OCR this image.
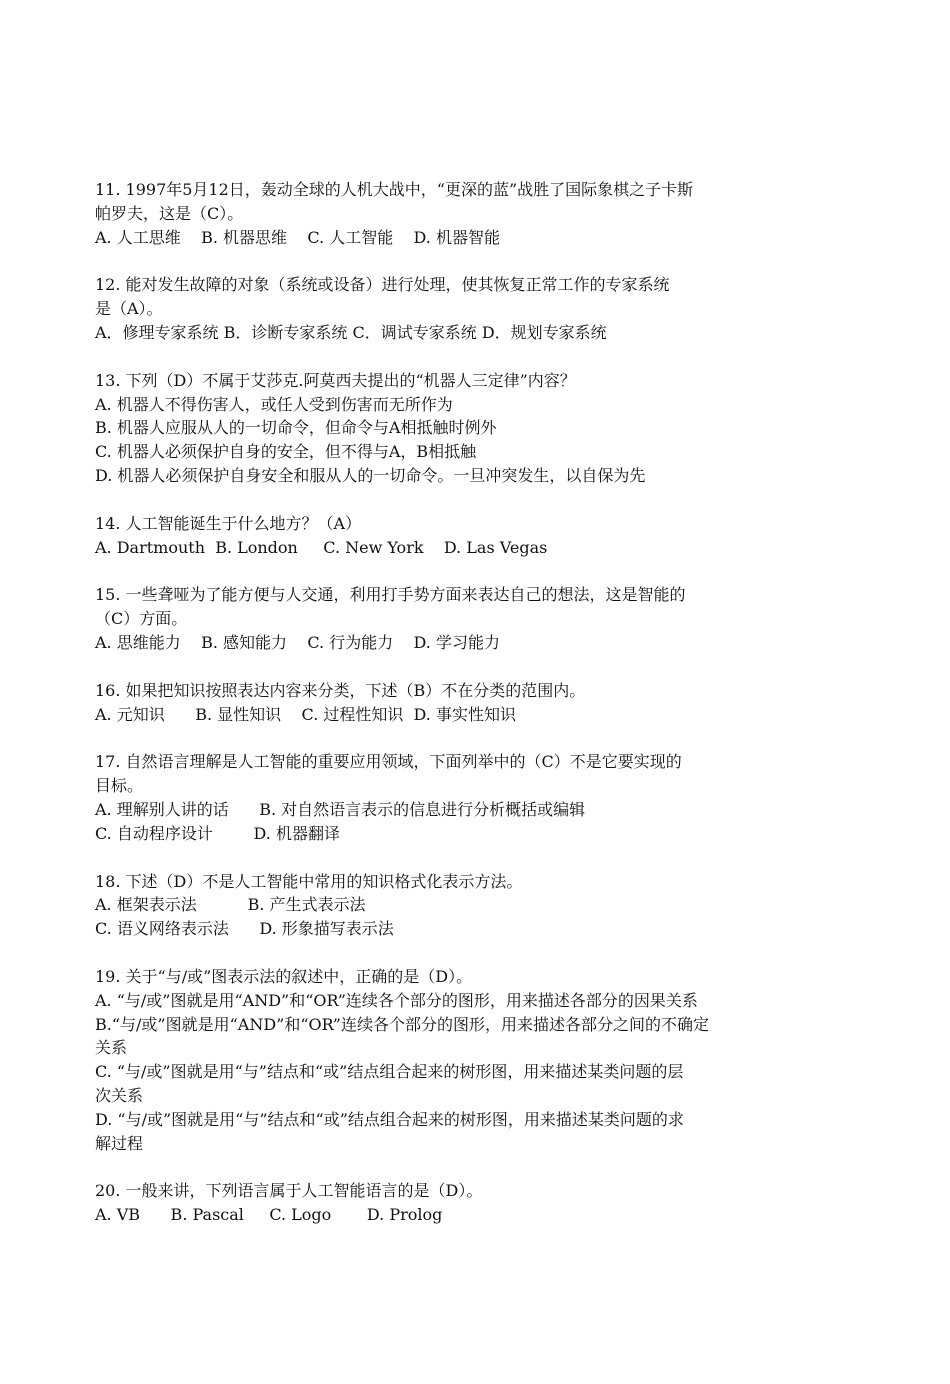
11. 1997年5月12日，轰动全球的人机大战中，“更深的蓝”战胜了国际象棋之子卡斯
帕罗夫，这是（C）。
A. 人工思维    B. 机器思维    C. 人工智能    D. 机器智能
12. 能对发生故障的对象（系统或设备）进行处理，使其恢复正常工作的专家系统
是（A）。
A．修理专家系统 B．诊断专家系统 C．调试专家系统 D．规划专家系统
13. 下列（D）不属于艾莎克.阿莫西夫提出的“机器人三定律”内容？
A. 机器人不得伤害人，或任人受到伤害而无所作为
B. 机器人应服从人的一切命令，但命令与A相抵触时例外
C. 机器人必须保护自身的安全，但不得与A，B相抵触
D. 机器人必须保护自身安全和服从人的一切命令。一旦冲突发生，以自保为先
14. 人工智能诞生于什么地方？（A）
A. Dartmouth  B. London     C. New York    D. Las Vegas
15. 一些聋哑为了能方便与人交通，利用打手势方面来表达自己的想法，这是智能的
（C）方面。
A. 思维能力    B. 感知能力    C. 行为能力    D. 学习能力
16. 如果把知识按照表达内容来分类，下述（B）不在分类的范围内。
A. 元知识      B. 显性知识    C. 过程性知识  D. 事实性知识
17. 自然语言理解是人工智能的重要应用领域，下面列举中的（C）不是它要实现的
目标。
A. 理解别人讲的话      B. 对自然语言表示的信息进行分析概括或编辑
C. 自动程序设计        D. 机器翻译
18. 下述（D）不是人工智能中常用的知识格式化表示方法。
A. 框架表示法          B. 产生式表示法
C. 语义网络表示法      D. 形象描写表示法
19. 关于“与/或”图表示法的叙述中，正确的是（D）。
A. “与/或”图就是用“AND”和“OR”连续各个部分的图形，用来描述各部分的因果关系
B.“与/或”图就是用“AND”和“OR”连续各个部分的图形，用来描述各部分之间的不确定
关系
C. “与/或”图就是用“与”结点和“或”结点组合起来的树形图，用来描述某类问题的层
次关系
D. “与/或”图就是用“与”结点和“或”结点组合起来的树形图，用来描述某类问题的求
解过程
20. 一般来讲，下列语言属于人工智能语言的是（D）。
A. VB      B. Pascal     C. Logo       D. Prolog
